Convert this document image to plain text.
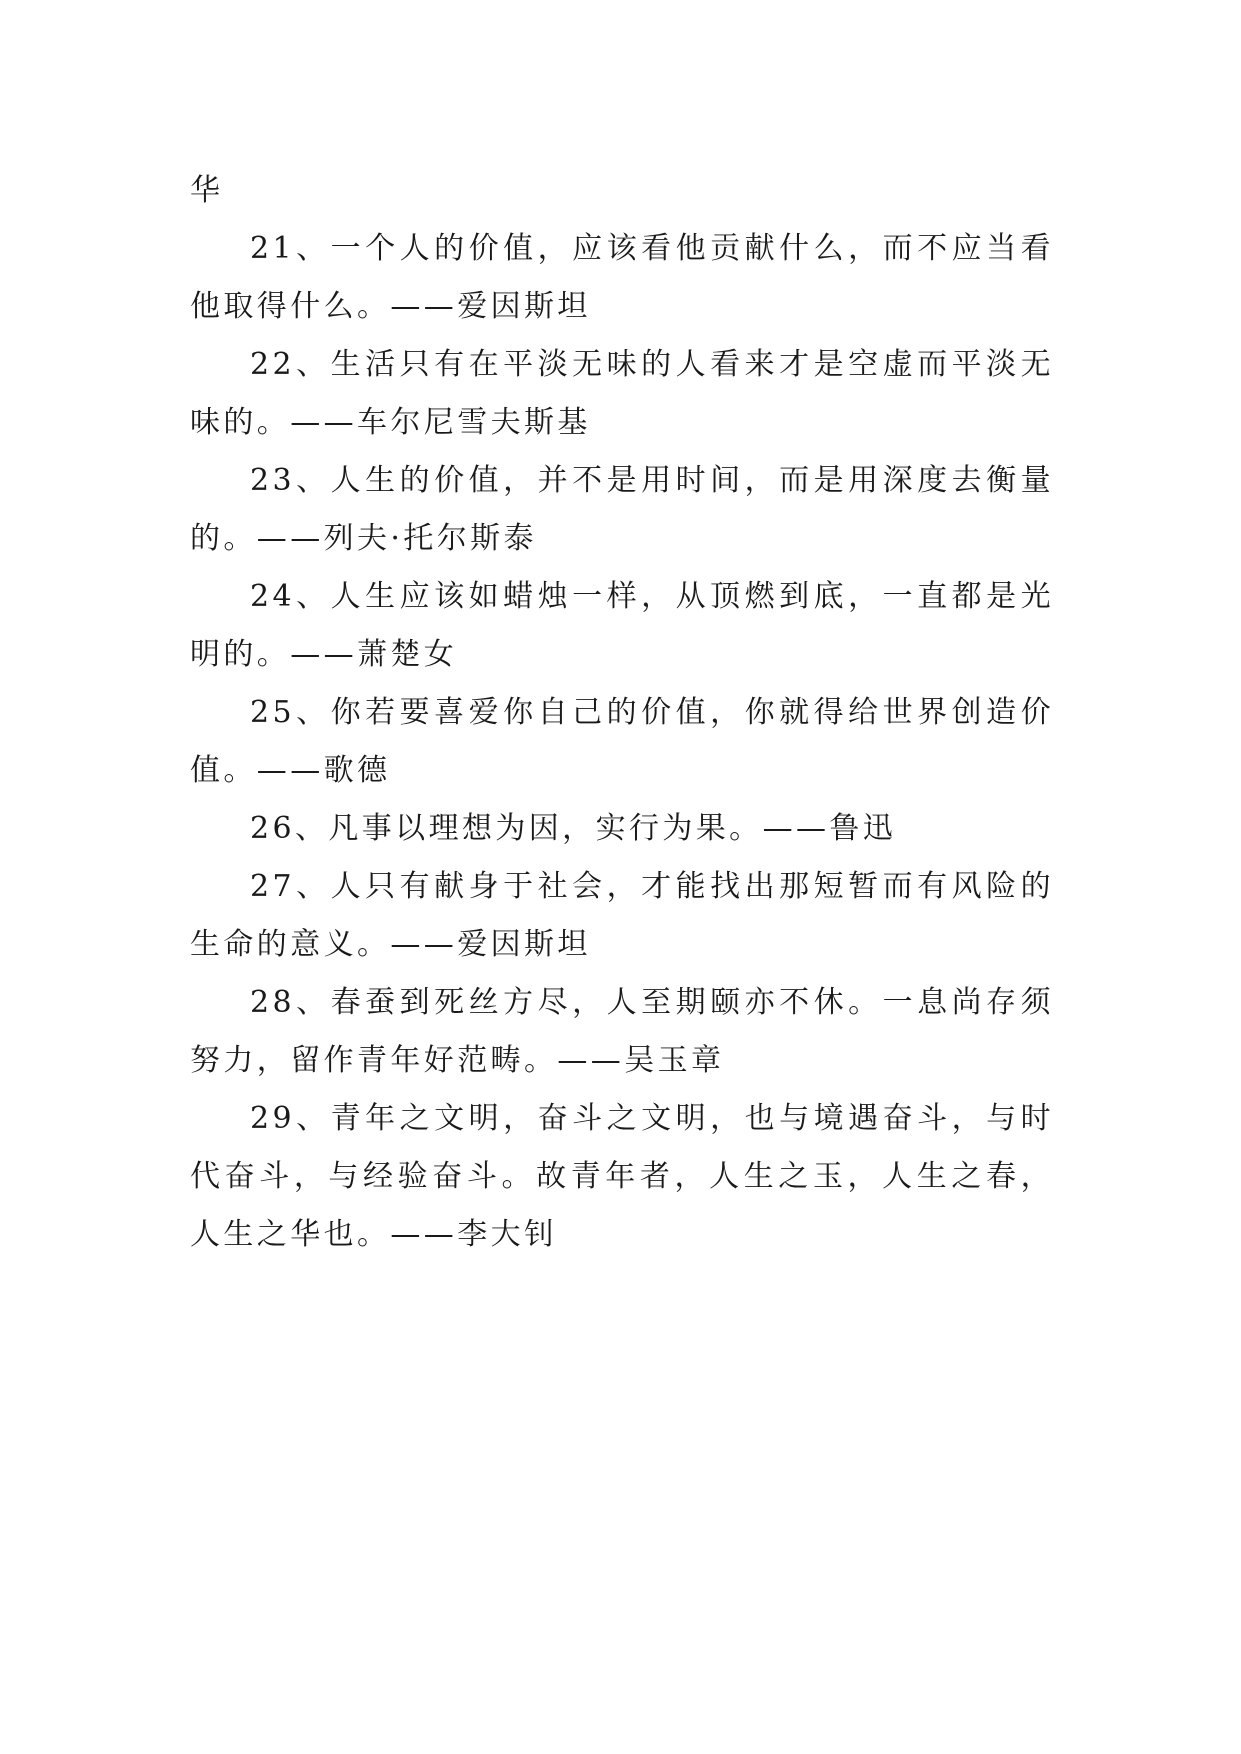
华

21、一个人的价值，应该看他贡献什么，而不应当看他取得什么。——爱因斯坦

22、生活只有在平淡无味的人看来才是空虚而平淡无味的。——车尔尼雪夫斯基

23、人生的价值，并不是用时间，而是用深度去衡量的。——列夫·托尔斯泰

24、人生应该如蜡烛一样，从顶燃到底，一直都是光明的。——萧楚女

25、你若要喜爱你自己的价值，你就得给世界创造价值。——歌德

26、凡事以理想为因，实行为果。——鲁迅

27、人只有献身于社会，才能找出那短暂而有风险的生命的意义。——爱因斯坦

28、春蚕到死丝方尽，人至期颐亦不休。一息尚存须努力，留作青年好范畴。——吴玉章

29、青年之文明，奋斗之文明，也与境遇奋斗，与时代奋斗，与经验奋斗。故青年者，人生之玉，人生之春，人生之华也。——李大钊
